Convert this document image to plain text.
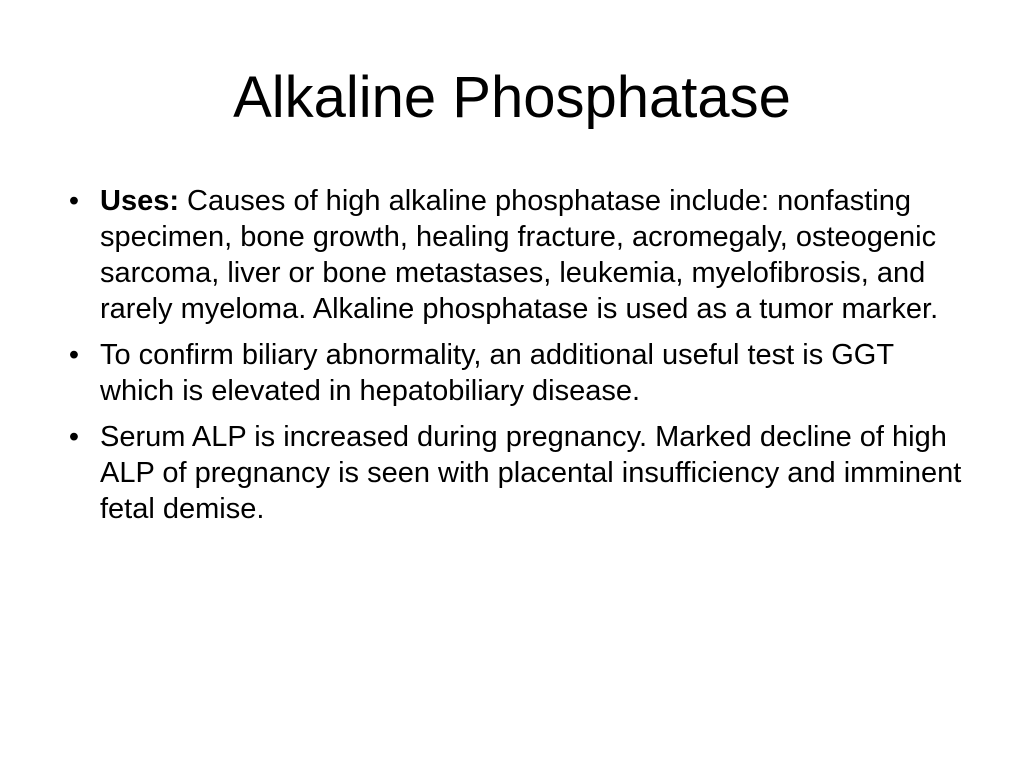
Alkaline Phosphatase
• Uses: Causes of high alkaline phosphatase include: nonfasting specimen, bone growth, healing fracture, acromegaly, osteogenic sarcoma, liver or bone metastases, leukemia, myelofibrosis, and rarely myeloma. Alkaline phosphatase is used as a tumor marker.
• To confirm biliary abnormality, an additional useful test is GGT which is elevated in hepatobiliary disease.
• Serum ALP is increased during pregnancy. Marked decline of high ALP of pregnancy is seen with placental insufficiency and imminent fetal demise.
